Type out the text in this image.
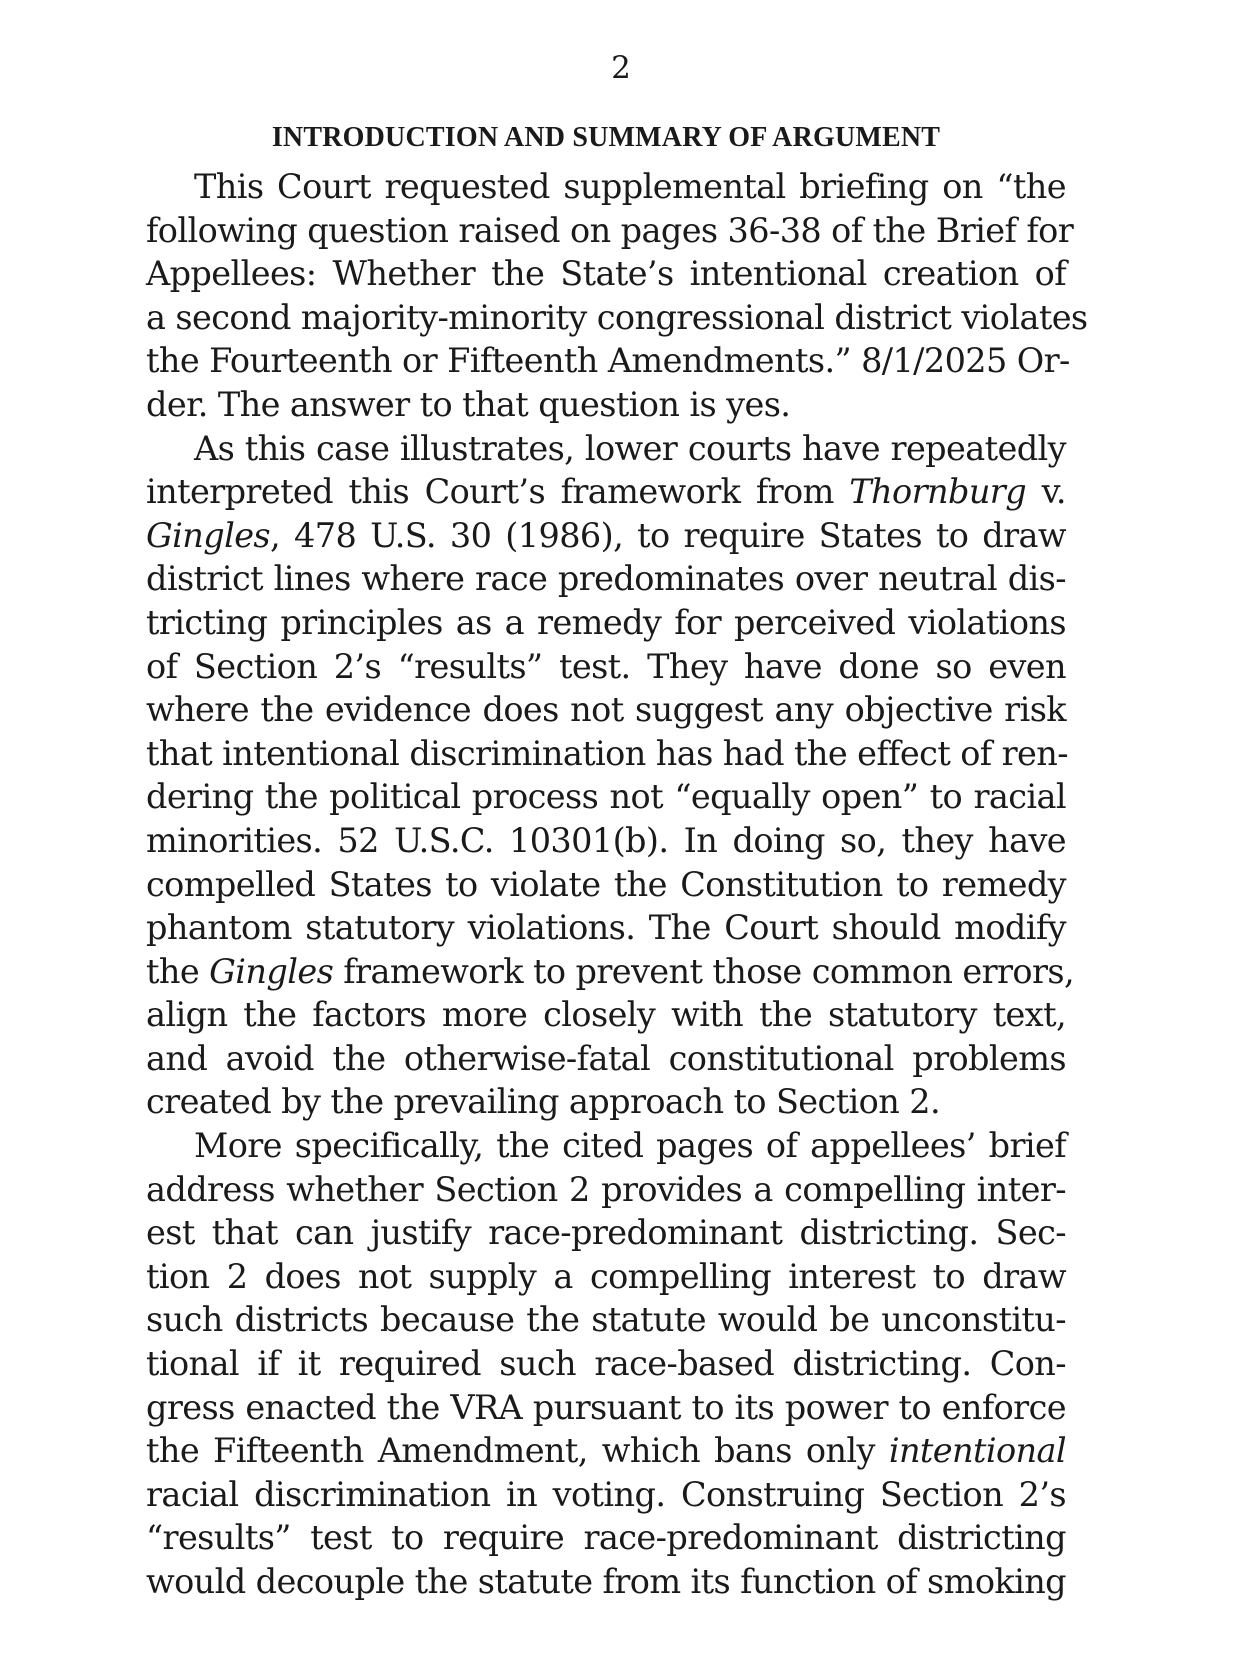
2
INTRODUCTION AND SUMMARY OF ARGUMENT
This Court requested supplemental briefing on “the
following question raised on pages 36-38 of the Brief for
Appellees: Whether the State’s intentional creation of
a second majority-minority congressional district violates
the Fourteenth or Fifteenth Amendments.” 8/1/2025 Or-
der. The answer to that question is yes.
As this case illustrates, lower courts have repeatedly
interpreted this Court’s framework from Thornburg v.
Gingles, 478 U.S. 30 (1986), to require States to draw
district lines where race predominates over neutral dis-
tricting principles as a remedy for perceived violations
of Section 2’s “results” test. They have done so even
where the evidence does not suggest any objective risk
that intentional discrimination has had the effect of ren-
dering the political process not “equally open” to racial
minorities. 52 U.S.C. 10301(b). In doing so, they have
compelled States to violate the Constitution to remedy
phantom statutory violations. The Court should modify
the Gingles framework to prevent those common errors,
align the factors more closely with the statutory text,
and avoid the otherwise-fatal constitutional problems
created by the prevailing approach to Section 2.
More specifically, the cited pages of appellees’ brief
address whether Section 2 provides a compelling inter-
est that can justify race-predominant districting. Sec-
tion 2 does not supply a compelling interest to draw
such districts because the statute would be unconstitu-
tional if it required such race-based districting. Con-
gress enacted the VRA pursuant to its power to enforce
the Fifteenth Amendment, which bans only intentional
racial discrimination in voting. Construing Section 2’s
“results” test to require race-predominant districting
would decouple the statute from its function of smoking
